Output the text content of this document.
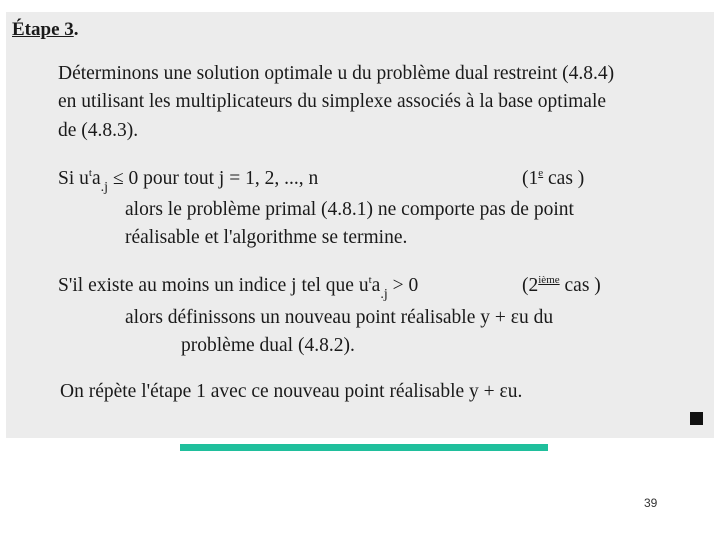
Étape 3.
Déterminons une solution optimale u du problème dual restreint (4.8.4)
en utilisant les multiplicateurs du simplexe associés à la base optimale
de (4.8.3).
Si $u^ta_{.j} \le 0$ pour tout j = 1, 2, ..., n	(1e cas )
alors le problème primal (4.8.1) ne comporte pas de point
réalisable et l'algorithme se termine.
S'il existe au moins un indice j tel que $u^ta_{.j} > 0$	(2ième cas )
alors définissons un nouveau point réalisable y + εu du
problème dual (4.8.2).
On répète l'étape 1 avec ce nouveau point réalisable y + εu.
39
